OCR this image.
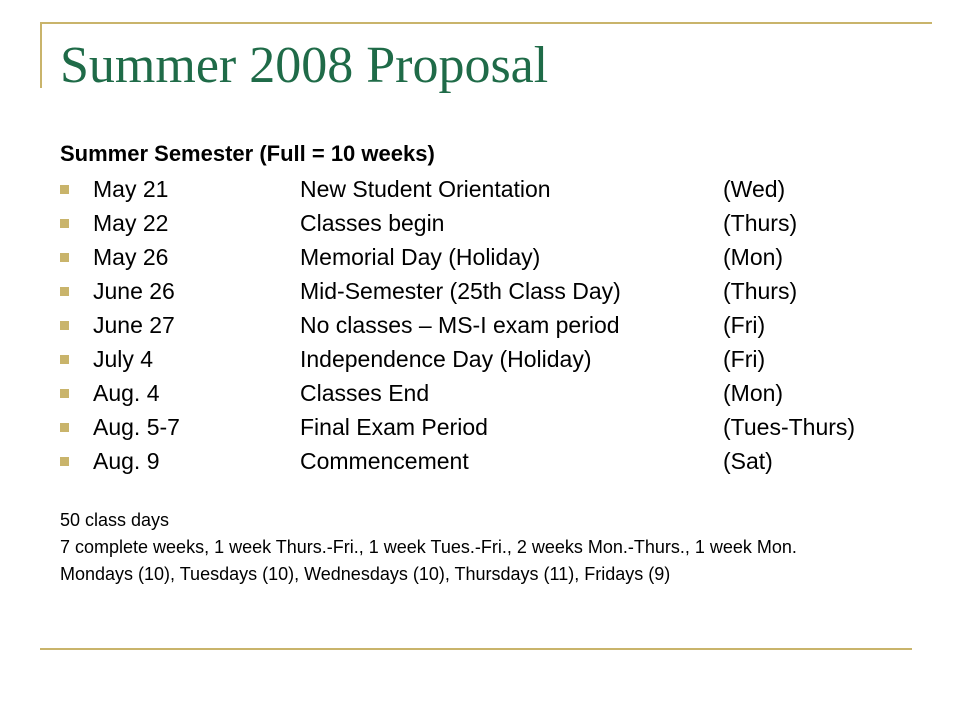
Summer 2008 Proposal
Summer Semester (Full = 10 weeks)
May 21	New Student Orientation	(Wed)
May 22	Classes begin	(Thurs)
May 26	Memorial Day (Holiday)	(Mon)
June 26	Mid-Semester (25th Class Day)	(Thurs)
June 27	No classes – MS-I exam period	(Fri)
July 4	Independence Day (Holiday)	(Fri)
Aug. 4	Classes End	(Mon)
Aug. 5-7	Final Exam Period	(Tues-Thurs)
Aug. 9	Commencement	(Sat)

50 class days

7 complete weeks, 1 week Thurs.-Fri., 1 week Tues.-Fri., 2 weeks Mon.-Thurs., 1 week Mon.

Mondays (10), Tuesdays (10), Wednesdays (10), Thursdays (11), Fridays (9)
